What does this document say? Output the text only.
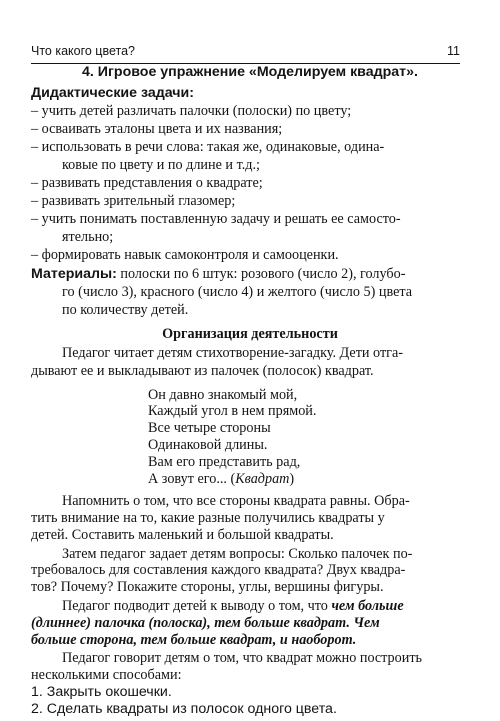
Что какого цвета?	11
4. Игровое упражнение «Моделируем квадрат».
Дидактические задачи:
– учить детей различать палочки (полоски) по цвету;
– осваивать эталоны цвета и их названия;
– использовать в речи слова: такая же, одинаковые, одина-
ковые по цвету и по длине и т.д.;
– развивать представления о квадрате;
– развивать зрительный глазомер;
– учить понимать поставленную задачу и решать ее самосто-
ятельно;
– формировать навык самоконтроля и самооценки.
Материалы: полоски по 6 штук: розового (число 2), голубо-
го (число 3), красного (число 4) и желтого (число 5) цвета
по количеству детей.
Организация деятельности
Педагог читает детям стихотворение-загадку. Дети отга-
дывают ее и выкладывают из палочек (полосок) квадрат.
Он давно знакомый мой,
Каждый угол в нем прямой.
Все четыре стороны
Одинаковой длины.
Вам его представить рад,
А зовут его... (Квадрат)
Напомнить о том, что все стороны квадрата равны. Обра-
тить внимание на то, какие разные получились квадраты у
детей. Составить маленький и большой квадраты.
Затем педагог задает детям вопросы: Сколько палочек по-
требовалось для составления каждого квадрата? Двух квадра-
тов? Почему? Покажите стороны, углы, вершины фигуры.
Педагог подводит детей к выводу о том, что чем больше
(длиннее) палочка (полоска), тем больше квадрат. Чем
больше сторона, тем больше квадрат, и наоборот.
Педагог говорит детям о том, что квадрат можно построить
несколькими способами:
1. Закрыть окошечки.
2. Сделать квадраты из полосок одного цвета.
